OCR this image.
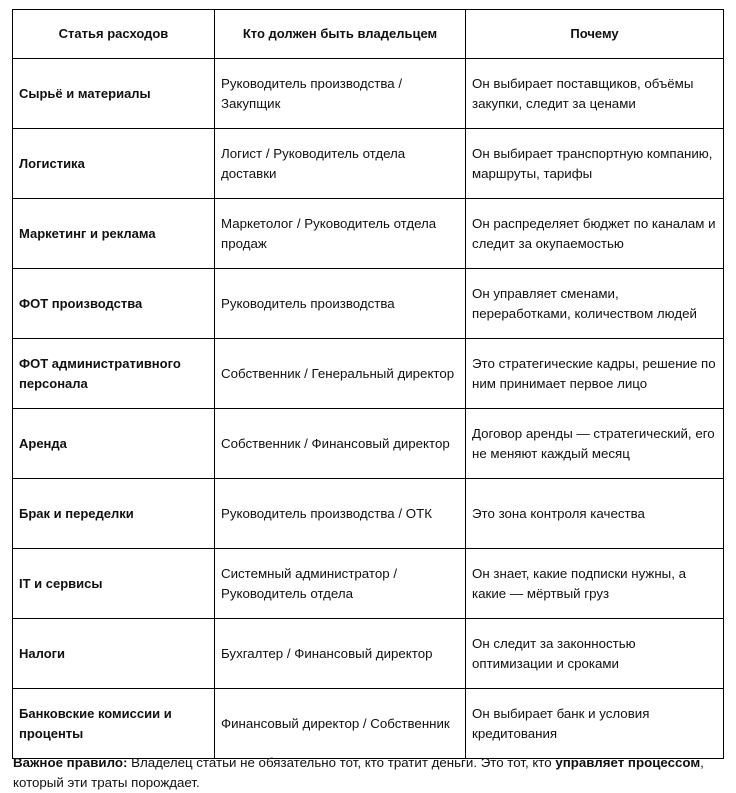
Статья расходов	Кто должен быть владельцем	Почему
Сырьё и материалы	Руководитель производства / Закупщик	Он выбирает поставщиков, объёмы закупки, следит за ценами
Логистика	Логист / Руководитель отдела доставки	Он выбирает транспортную компанию, маршруты, тарифы
Маркетинг и реклама	Маркетолог / Руководитель отдела продаж	Он распределяет бюджет по каналам и следит за окупаемостью
ФОТ производства	Руководитель производства	Он управляет сменами, переработками, количеством людей
ФОТ административного персонала	Собственник / Генеральный директор	Это стратегические кадры, решение по ним принимает первое лицо
Аренда	Собственник / Финансовый директор	Договор аренды — стратегический, его не меняют каждый месяц
Брак и переделки	Руководитель производства / ОТК	Это зона контроля качества
IT и сервисы	Системный администратор / Руководитель отдела	Он знает, какие подписки нужны, а какие — мёртвый груз
Налоги	Бухгалтер / Финансовый директор	Он следит за законностью оптимизации и сроками
Банковские комиссии и проценты	Финансовый директор / Собственник	Он выбирает банк и условия кредитования

Важное правило: Владелец статьи не обязательно тот, кто тратит деньги. Это тот, кто управляет процессом, который эти траты порождает.
